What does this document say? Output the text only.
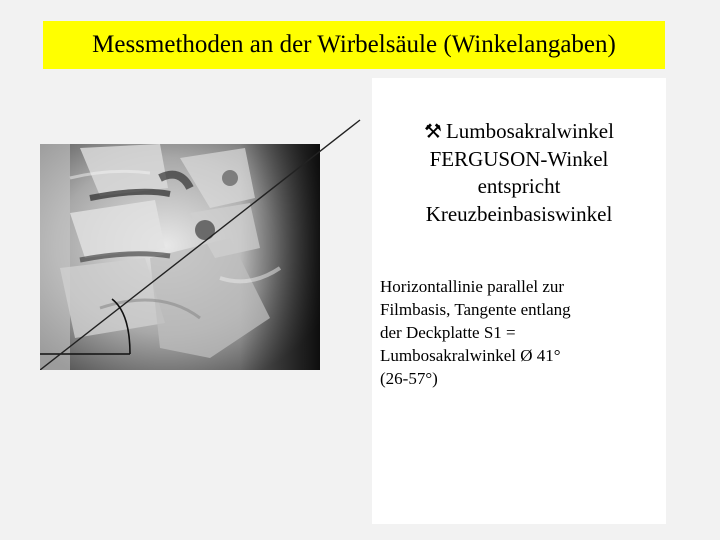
Messmethoden an der Wirbelsäule (Winkelangaben)
⚒ Lumbosakralwinkel
FERGUSON-Winkel
entspricht
Kreuzbeinbasiswinkel
Horizontallinie parallel zur
Filmbasis, Tangente entlang
der Deckplatte S1 =
Lumbosakralwinkel Ø 41°
(26-57°)
